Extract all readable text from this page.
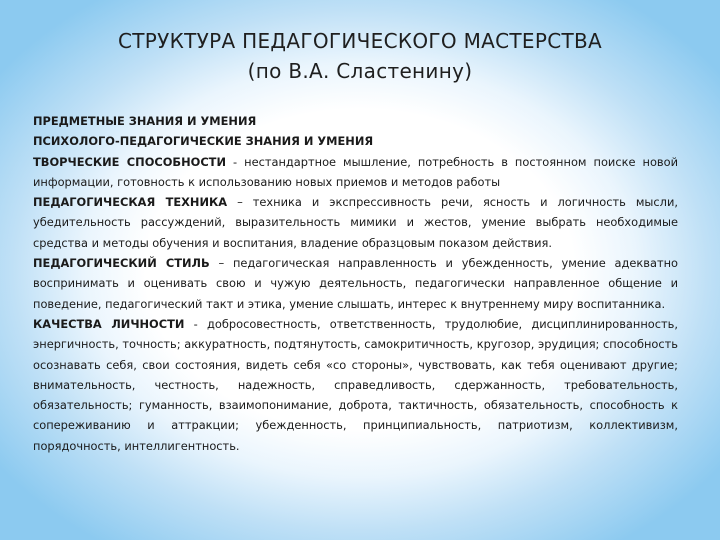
СТРУКТУРА ПЕДАГОГИЧЕСКОГО МАСТЕРСТВА
(по В.А. Сластенину)

ПРЕДМЕТНЫЕ ЗНАНИЯ И УМЕНИЯ

ПСИХОЛОГО-ПЕДАГОГИЧЕСКИЕ ЗНАНИЯ И УМЕНИЯ

ТВОРЧЕСКИЕ СПОСОБНОСТИ - нестандартное мышление, потребность в постоянном поиске новой информации, готовность к использованию новых приемов и методов работы

ПЕДАГОГИЧЕСКАЯ ТЕХНИКА – техника и экспрессивность речи, ясность и логичность мысли, убедительность рассуждений, выразительность мимики и жестов, умение выбрать необходимые средства и методы обучения и воспитания, владение образцовым показом действия.

ПЕДАГОГИЧЕСКИЙ СТИЛЬ – педагогическая направленность и убежденность, умение адекватно воспринимать и оценивать свою и чужую деятельность, педагогически направленное общение и поведение, педагогический такт и этика, умение слышать, интерес к внутреннему миру воспитанника.

КАЧЕСТВА ЛИЧНОСТИ - добросовестность, ответственность, трудолюбие, дисциплинированность, энергичность, точность; аккуратность, подтянутость, самокритичность, кругозор, эрудиция; способность осознавать себя, свои состояния, видеть себя «со стороны», чувствовать, как тебя оценивают другие; внимательность, честность, надежность, справедливость, сдержанность, требовательность, обязательность; гуманность, взаимопонимание, доброта, тактичность, обязательность, способность к сопереживанию и аттракции; убежденность, принципиальность, патриотизм, коллективизм, порядочность, интеллигентность.
